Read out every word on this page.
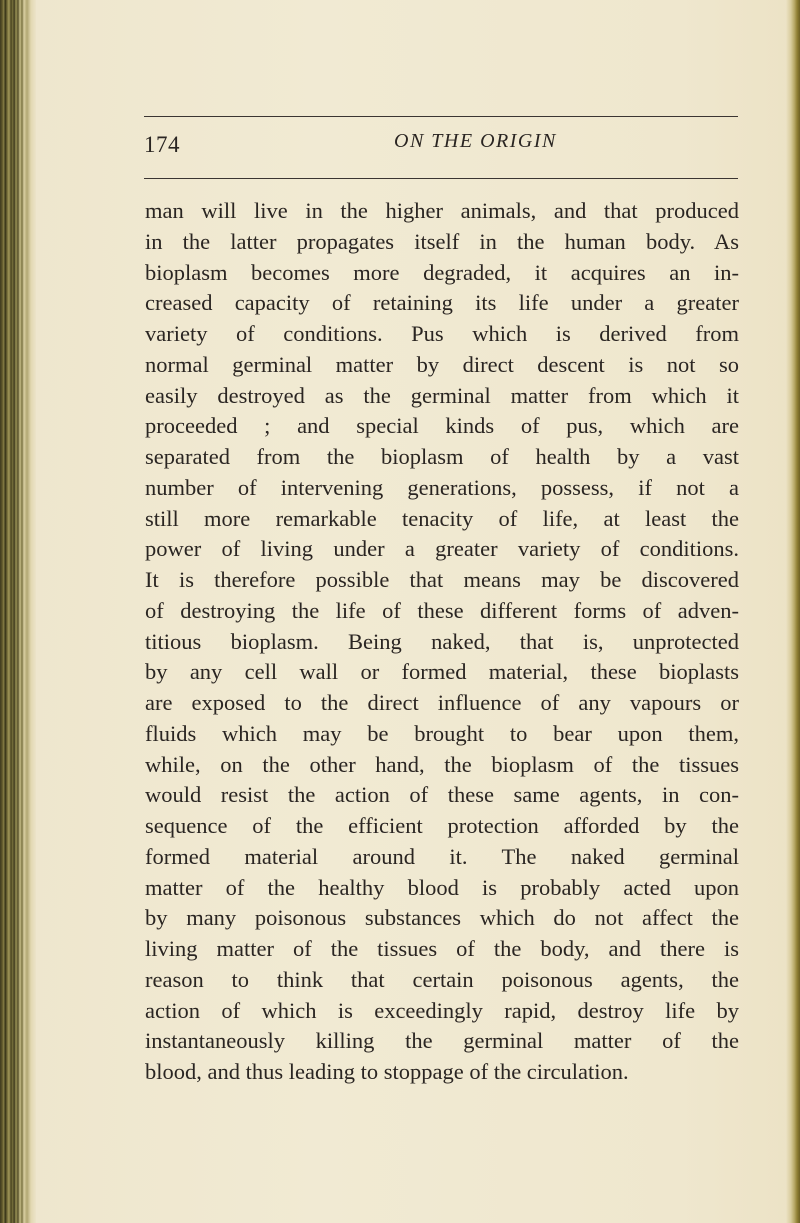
174	ON THE ORIGIN
man will live in the higher animals, and that produced
in the latter propagates itself in the human body. As
bioplasm becomes more degraded, it acquires an in-
creased capacity of retaining its life under a greater
variety of conditions. Pus which is derived from
normal germinal matter by direct descent is not so
easily destroyed as the germinal matter from which it
proceeded ; and special kinds of pus, which are
separated from the bioplasm of health by a vast
number of intervening generations, possess, if not a
still more remarkable tenacity of life, at least the
power of living under a greater variety of conditions.
It is therefore possible that means may be discovered
of destroying the life of these different forms of adven-
titious bioplasm. Being naked, that is, unprotected
by any cell wall or formed material, these bioplasts
are exposed to the direct influence of any vapours or
fluids which may be brought to bear upon them,
while, on the other hand, the bioplasm of the tissues
would resist the action of these same agents, in con-
sequence of the efficient protection afforded by the
formed material around it. The naked germinal
matter of the healthy blood is probably acted upon
by many poisonous substances which do not affect the
living matter of the tissues of the body, and there is
reason to think that certain poisonous agents, the
action of which is exceedingly rapid, destroy life by
instantaneously killing the germinal matter of the
blood, and thus leading to stoppage of the circulation.
